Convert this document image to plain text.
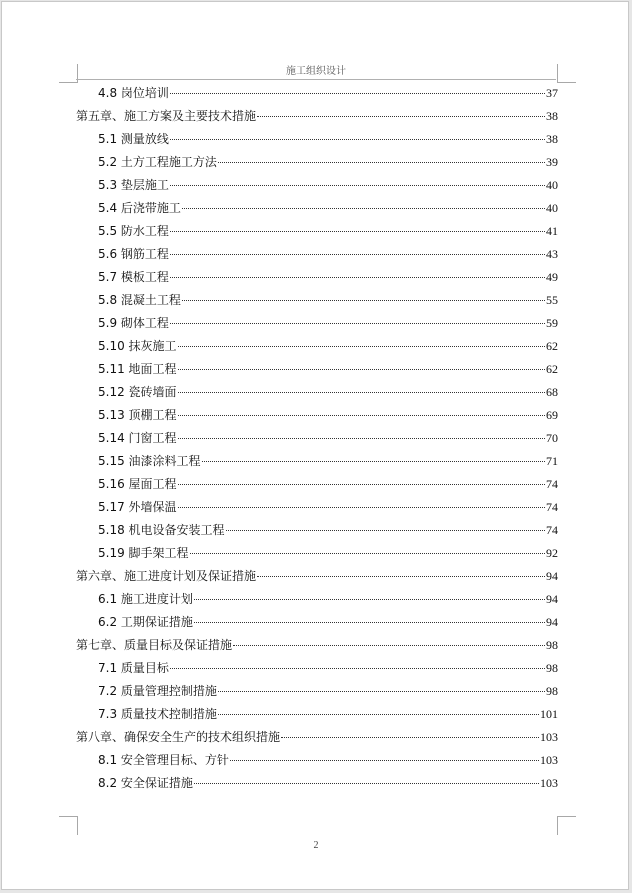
施工组织设计
4.8 岗位培训	37
第五章、施工方案及主要技术措施	38
5.1 测量放线	38
5.2 土方工程施工方法	39
5.3 垫层施工	40
5.4 后浇带施工	40
5.5 防水工程	41
5.6 钢筋工程	43
5.7 模板工程	49
5.8 混凝土工程	55
5.9 砌体工程	59
5.10 抹灰施工	62
5.11 地面工程	62
5.12 瓷砖墙面	68
5.13 顶棚工程	69
5.14 门窗工程	70
5.15 油漆涂料工程	71
5.16 屋面工程	74
5.17 外墙保温	74
5.18 机电设备安装工程	74
5.19 脚手架工程	92
第六章、施工进度计划及保证措施	94
6.1 施工进度计划	94
6.2 工期保证措施	94
第七章、质量目标及保证措施	98
7.1 质量目标	98
7.2 质量管理控制措施	98
7.3 质量技术控制措施	101
第八章、确保安全生产的技术组织措施	103
8.1 安全管理目标、方针	103
8.2 安全保证措施	103
2
